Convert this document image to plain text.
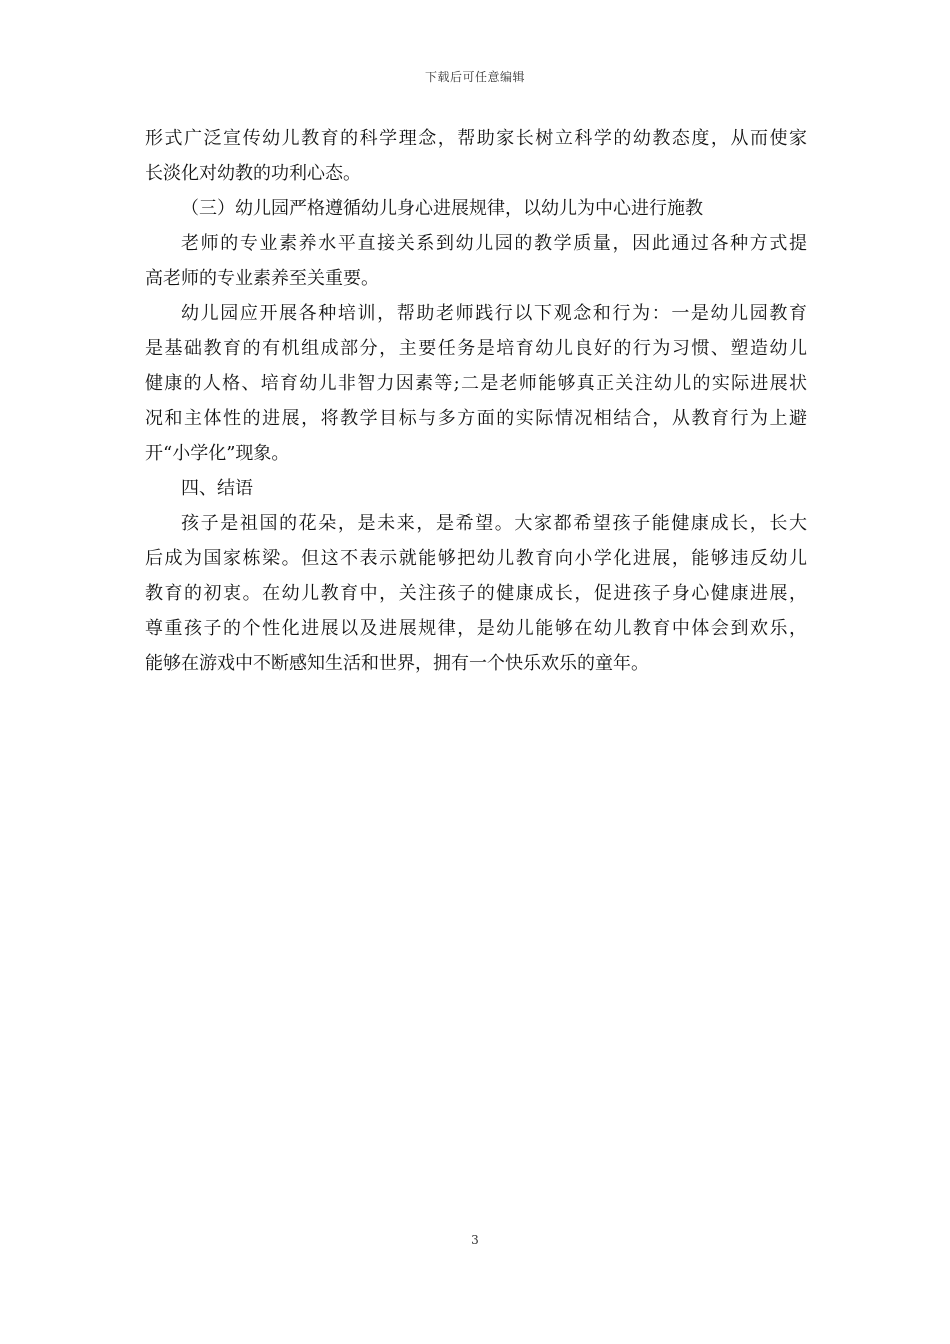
下载后可任意编辑
形式广泛宣传幼儿教育的科学理念，帮助家长树立科学的幼教态度，从而使家
长淡化对幼教的功利心态。
（三）幼儿园严格遵循幼儿身心进展规律，以幼儿为中心进行施教
老师的专业素养水平直接关系到幼儿园的教学质量，因此通过各种方式提
高老师的专业素养至关重要。
幼儿园应开展各种培训，帮助老师践行以下观念和行为：一是幼儿园教育
是基础教育的有机组成部分，主要任务是培育幼儿良好的行为习惯、塑造幼儿
健康的人格、培育幼儿非智力因素等;二是老师能够真正关注幼儿的实际进展状
况和主体性的进展，将教学目标与多方面的实际情况相结合，从教育行为上避
开“小学化”现象。
四、结语
孩子是祖国的花朵，是未来，是希望。大家都希望孩子能健康成长，长大
后成为国家栋梁。但这不表示就能够把幼儿教育向小学化进展，能够违反幼儿
教育的初衷。在幼儿教育中，关注孩子的健康成长，促进孩子身心健康进展，
尊重孩子的个性化进展以及进展规律，是幼儿能够在幼儿教育中体会到欢乐，
能够在游戏中不断感知生活和世界，拥有一个快乐欢乐的童年。
3
